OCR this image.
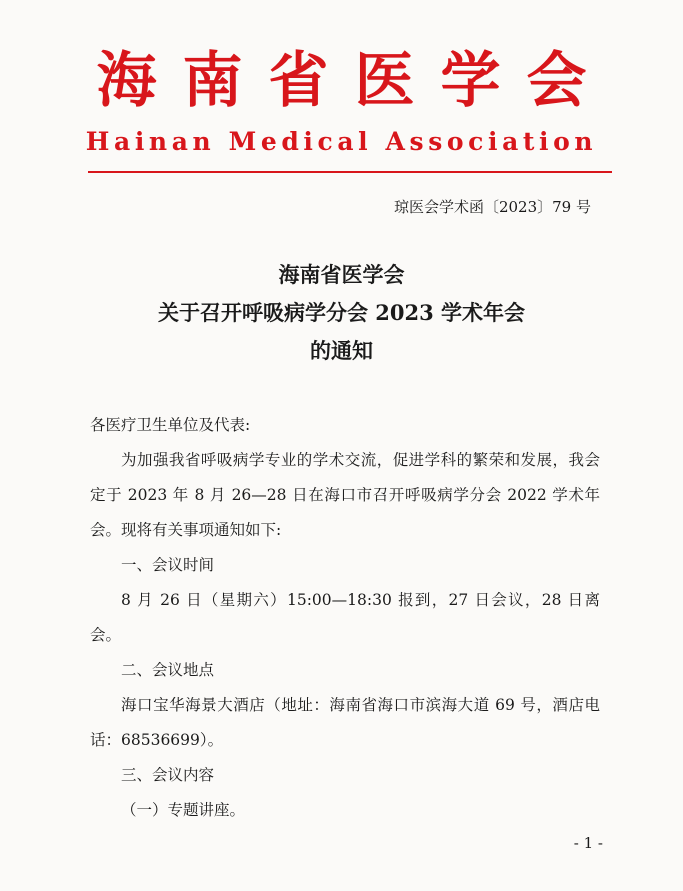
海南省医学会
Hainan Medical Association
琼医会学术函〔2023〕79 号
海南省医学会
关于召开呼吸病学分会 2023 学术年会
的通知

各医疗卫生单位及代表:

为加强我省呼吸病学专业的学术交流，促进学科的繁荣和发展，我会定于 2023 年 8 月 26—28 日在海口市召开呼吸病学分会 2022 学术年会。现将有关事项通知如下:

一、会议时间

8 月 26 日（星期六）15:00—18:30 报到，27 日会议，28 日离会。

二、会议地点

海口宝华海景大酒店（地址：海南省海口市滨海大道 69 号，酒店电话：68536699）。

三、会议内容

（一）专题讲座。

- 1 -
